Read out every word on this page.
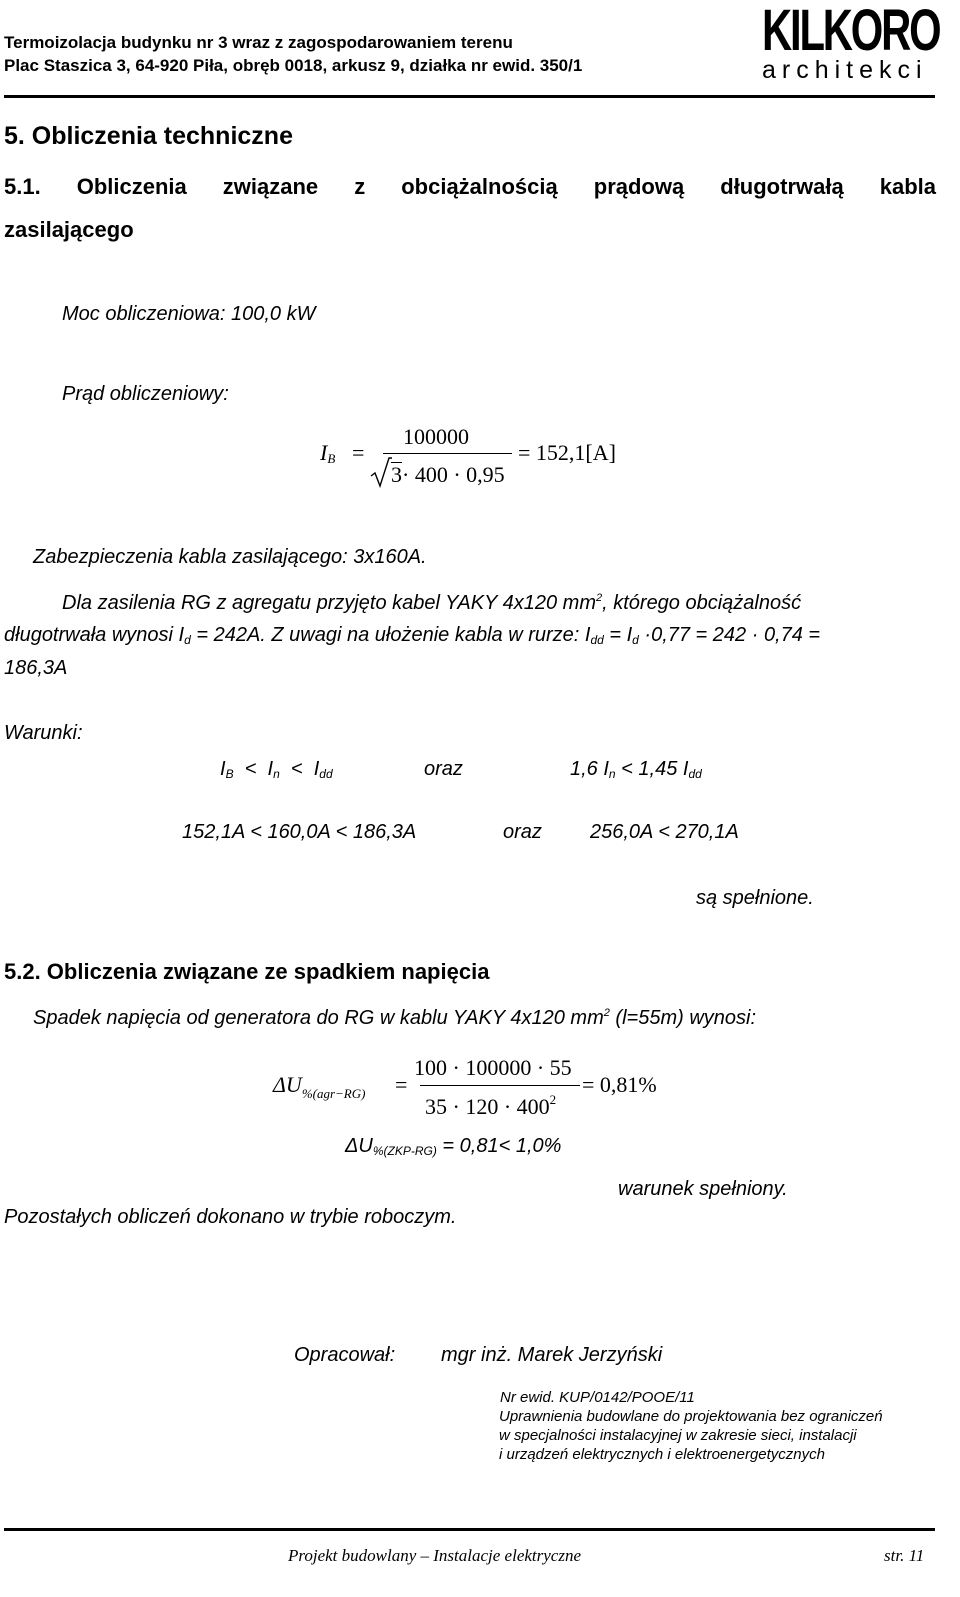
Termoizolacja budynku nr 3 wraz z zagospodarowaniem terenu
Plac Staszica 3, 64-920 Piła, obręb 0018, arkusz 9, działka nr ewid. 350/1
KILKORO
architekci
5. Obliczenia techniczne
5.1. Obliczenia związane z obciążalnością prądową długotrwałą kabla
zasilającego
Moc obliczeniowa: 100,0 kW
Prąd obliczeniowy:
$I_B$ =
100000
3 · 400 · 0,95
= 152,1[A]
Zabezpieczenia kabla zasilającego: 3x160A.
Dla zasilenia RG z agregatu przyjęto kabel YAKY 4x120 $mm^2$, którego obciążalność
długotrwała wynosi $I_d = 242A$. Z uwagi na ułożenie kabla w rurze: $I_{dd} = I_d \cdot 0,77 = 242 \cdot 0,74$ =
186,3A
Warunki:
$I_B < I_n < I_{dd}$	oraz	1,6 $I_n < 1,45$ $I_{dd}$
152,1A < 160,0A < 186,3A	oraz 256,0A < 270,1A
są spełnione.
5.2. Obliczenia związane ze spadkiem napięcia
Spadek napięcia od generatora do RG w kablu YAKY 4x120 $mm^2$ (l=55m) wynosi:
$\Delta U_{\%(agr-RG)}$ =
100 · 100000 · 55
$35 \cdot 120 \cdot 400^2$
= 0,81%
$\Delta U_{\%(ZKP-RG)} = 0,81< 1,0\%$
warunek spełniony.
Pozostałych obliczeń dokonano w trybie roboczym.
Opracował: mgr inż. Marek Jerzyński
Nr ewid. KUP/0142/POOE/11
Uprawnienia budowlane do projektowania bez ograniczeń
w specjalności instalacyjnej w zakresie sieci, instalacji
i urządzeń elektrycznych i elektroenergetycznych
Projekt budowlany – Instalacje elektryczne	str. 11
